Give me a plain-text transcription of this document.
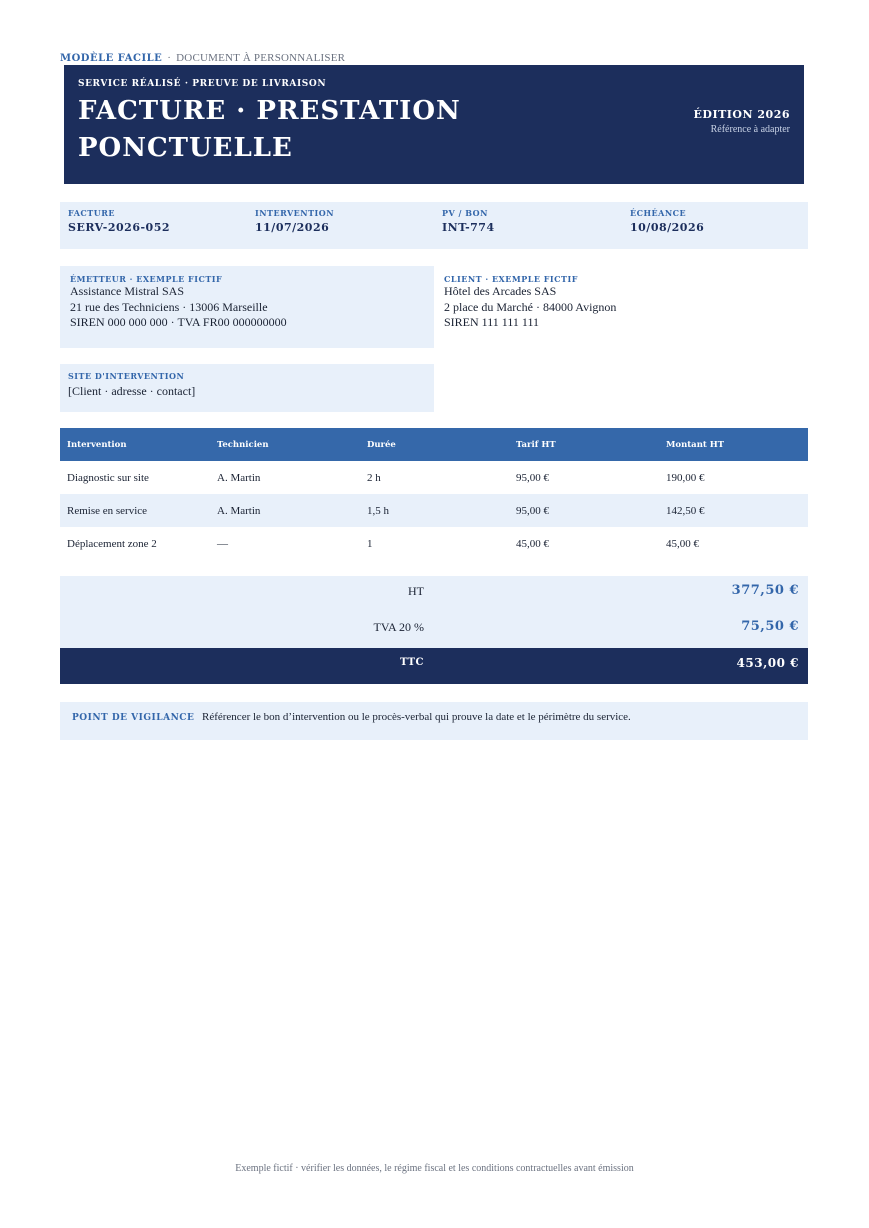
MODÈLE FACILE · DOCUMENT À PERSONNALISER
SERVICE RÉALISÉ · PREUVE DE LIVRAISON
FACTURE · PRESTATION PONCTUELLE
ÉDITION 2026
Référence à adapter
FACTURE
SERV-2026-052
INTERVENTION
11/07/2026
PV / BON
INT-774
ÉCHÉANCE
10/08/2026
ÉMETTEUR · EXEMPLE FICTIF
Assistance Mistral SAS
21 rue des Techniciens · 13006 Marseille
SIREN 000 000 000 · TVA FR00 000000000
CLIENT · EXEMPLE FICTIF
Hôtel des Arcades SAS
2 place du Marché · 84000 Avignon
SIREN 111 111 111
SITE D'INTERVENTION
[Client · adresse · contact]
Intervention	Technicien	Durée	Tarif HT	Montant HT
Diagnostic sur site	A. Martin	2 h	95,00 €	190,00 €
Remise en service	A. Martin	1,5 h	95,00 €	142,50 €
Déplacement zone 2	—	1	45,00 €	45,00 €
HT	377,50 €
TVA 20 %	75,50 €
TTC	453,00 €
POINT DE VIGILANCE Référencer le bon d’intervention ou le procès-verbal qui prouve la date et le périmètre du service.
Exemple fictif · vérifier les données, le régime fiscal et les conditions contractuelles avant émission
